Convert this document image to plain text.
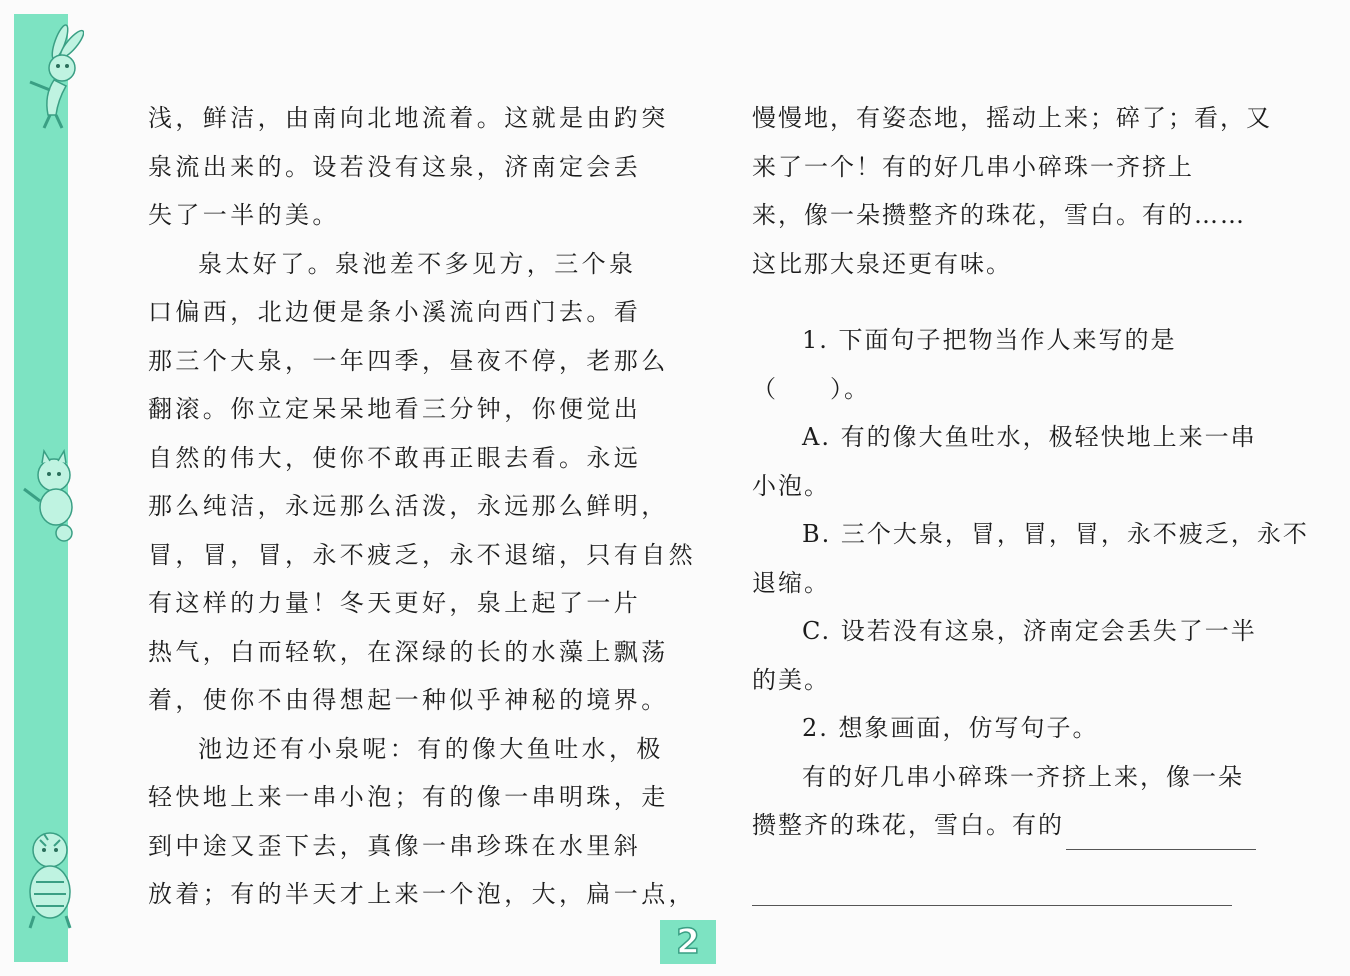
浅，鲜洁，由南向北地流着。这就是由趵突
泉流出来的。设若没有这泉，济南定会丢
失了一半的美。
泉太好了。泉池差不多见方，三个泉
口偏西，北边便是条小溪流向西门去。看
那三个大泉，一年四季，昼夜不停，老那么
翻滚。你立定呆呆地看三分钟，你便觉出
自然的伟大，使你不敢再正眼去看。永远
那么纯洁，永远那么活泼，永远那么鲜明，
冒，冒，冒，永不疲乏，永不退缩，只有自然
有这样的力量！冬天更好，泉上起了一片
热气，白而轻软，在深绿的长的水藻上飘荡
着，使你不由得想起一种似乎神秘的境界。
池边还有小泉呢：有的像大鱼吐水，极
轻快地上来一串小泡；有的像一串明珠，走
到中途又歪下去，真像一串珍珠在水里斜
放着；有的半天才上来一个泡，大，扁一点，
慢慢地，有姿态地，摇动上来；碎了；看，又
来了一个！有的好几串小碎珠一齐挤上
来，像一朵攒整齐的珠花，雪白。有的……
这比那大泉还更有味。
1. 下面句子把物当作人来写的是
（　　）。
A. 有的像大鱼吐水，极轻快地上来一串
小泡。
B. 三个大泉，冒，冒，冒，永不疲乏，永不
退缩。
C. 设若没有这泉，济南定会丢失了一半
的美。
2. 想象画面，仿写句子。
有的好几串小碎珠一齐挤上来，像一朵
攒整齐的珠花，雪白。有的
2
